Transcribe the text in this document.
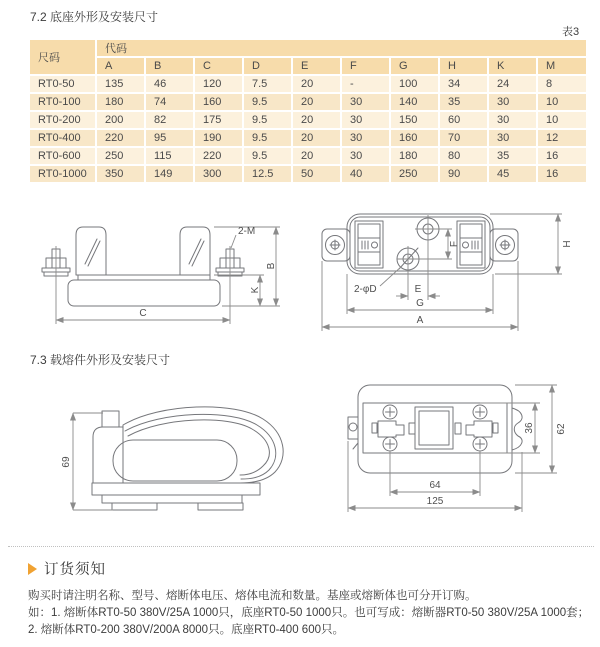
7.2 底座外形及安装尺寸
表3
尺码	代码									
	A	B	C	D	E	F	G	H	K	M
RT0-50	135	46	120	7.5	20	-	100	34	24	8
RT0-100	180	74	160	9.5	20	30	140	35	30	10
RT0-200	200	82	175	9.5	20	30	150	60	30	10
RT0-400	220	95	190	9.5	20	30	160	70	30	12
RT0-600	250	115	220	9.5	20	30	180	80	35	16
RT0-1000	350	149	300	12.5	50	40	250	90	45	16
2-M
B
K
C
2-φD	E
F
G
A
H
7.3 载熔件外形及安装尺寸
69
36 62
64
125
订货须知
购买时请注明名称、型号、熔断体电压、熔体电流和数量。基座或熔断体也可分开订购。
如：1. 熔断体RT0-50 380V/25A 1000只，底座RT0-50 1000只。也可写成：熔断器RT0-50 380V/25A 1000套；
2. 熔断体RT0-200 380V/200A 8000只。底座RT0-400 600只。
